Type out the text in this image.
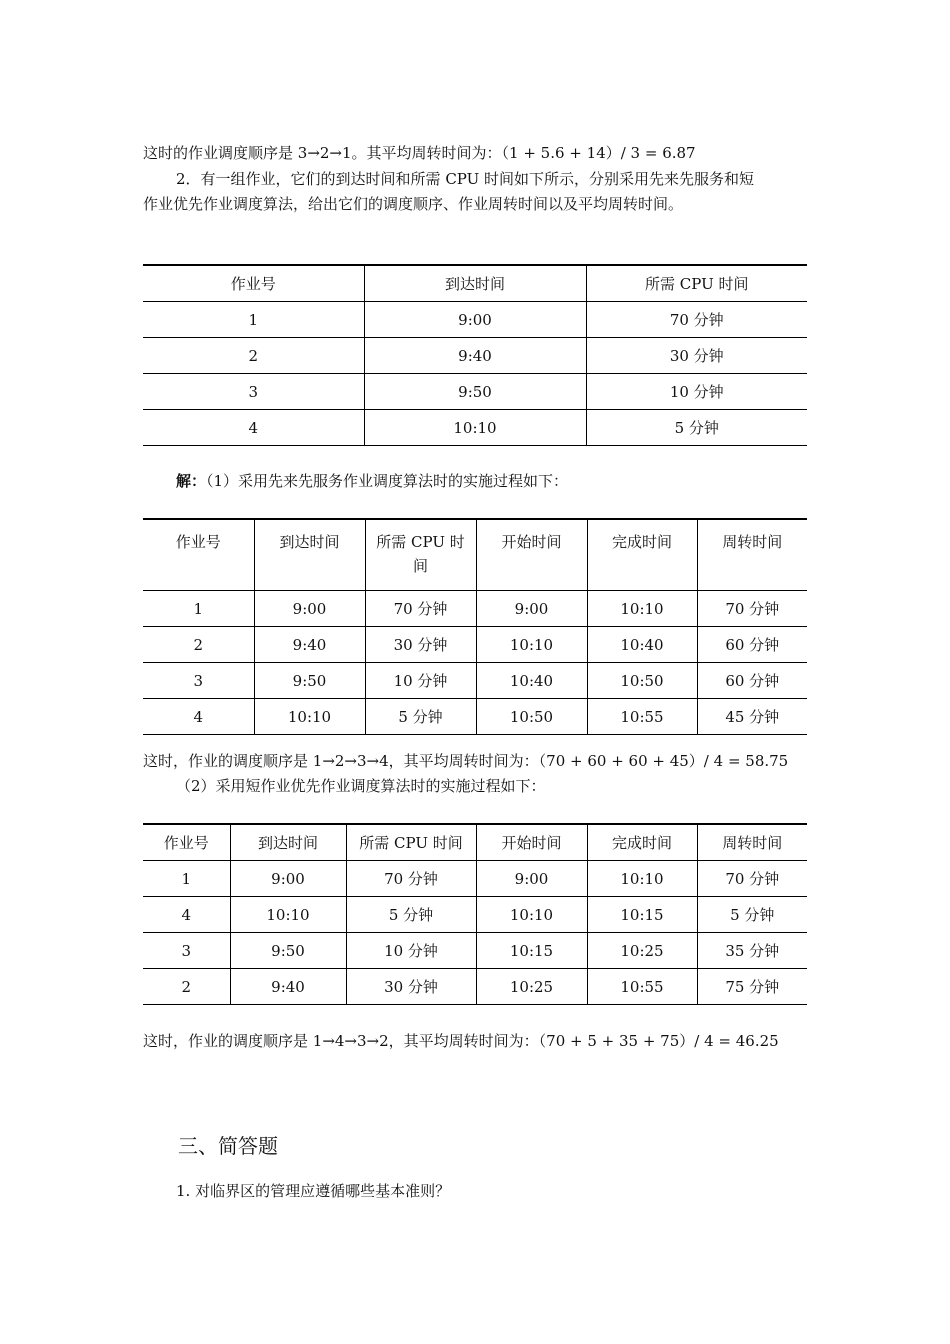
这时的作业调度顺序是 3→2→1。其平均周转时间为：（1 + 5.6 + 14）/ 3 = 6.87
2．有一组作业，它们的到达时间和所需 CPU 时间如下所示，分别采用先来先服务和短
作业优先作业调度算法，给出它们的调度顺序、作业周转时间以及平均周转时间。
作业号	到达时间	所需 CPU 时间
1	9:00	70 分钟
2	9:40	30 分钟
3	9:50	10 分钟
4	10:10	5 分钟
解：（1）采用先来先服务作业调度算法时的实施过程如下：
作业号	到达时间	所需 CPU 时间	开始时间	完成时间	周转时间
1	9:00	70 分钟	9:00	10:10	70 分钟
2	9:40	30 分钟	10:10	10:40	60 分钟
3	9:50	10 分钟	10:40	10:50	60 分钟
4	10:10	5 分钟	10:50	10:55	45 分钟
这时，作业的调度顺序是 1→2→3→4，其平均周转时间为：（70 + 60 + 60 + 45）/ 4 = 58.75
（2）采用短作业优先作业调度算法时的实施过程如下：
作业号	到达时间	所需 CPU 时间	开始时间	完成时间	周转时间
1	9:00	70 分钟	9:00	10:10	70 分钟
4	10:10	5 分钟	10:10	10:15	5 分钟
3	9:50	10 分钟	10:15	10:25	35 分钟
2	9:40	30 分钟	10:25	10:55	75 分钟
这时，作业的调度顺序是 1→4→3→2，其平均周转时间为：（70 + 5 + 35 + 75）/ 4 = 46.25
三、简答题
1. 对临界区的管理应遵循哪些基本准则？
